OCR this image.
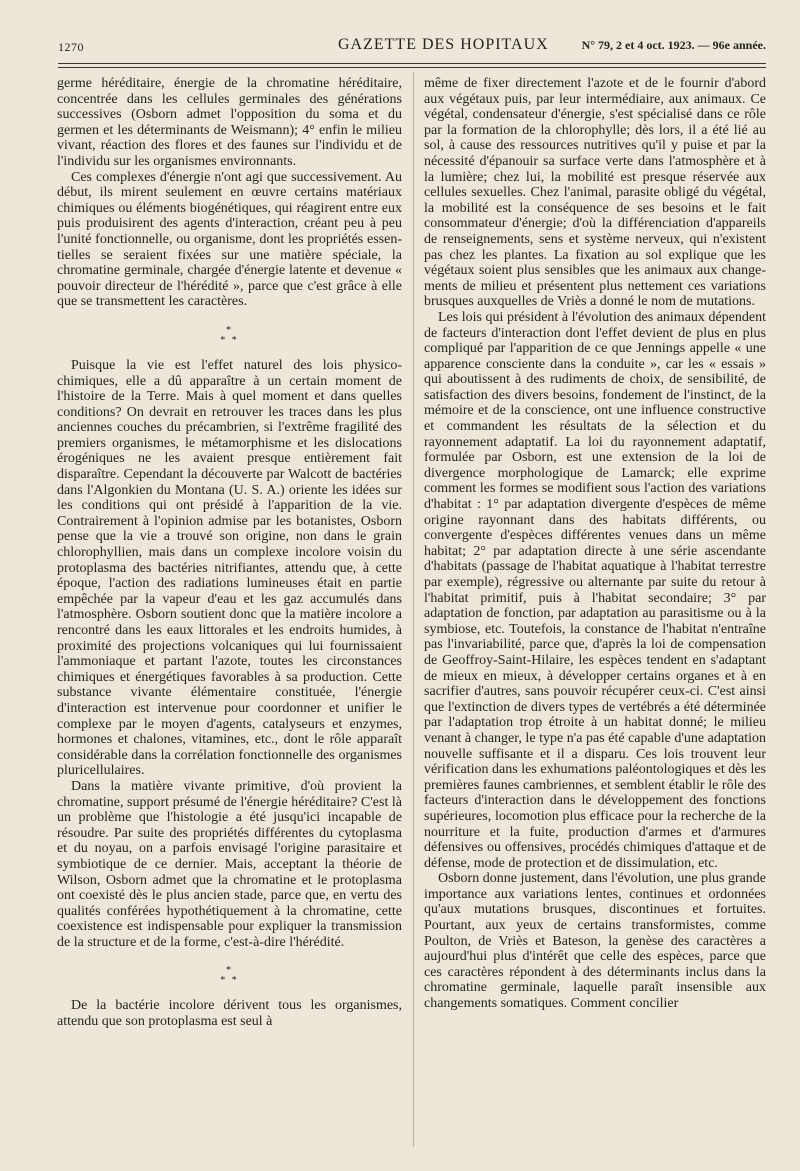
1270	GAZETTE DES HOPITAUX	N° 79, 2 et 4 oct. 1923. — 96e année.

germe héréditaire, énergie de la chromatine héréditaire, concentrée dans les cellules germinales des générations successives (Osborn admet l'opposition du soma et du germen et les déterminants de Weismann); 4° enfin le milieu vivant, réaction des flores et des faunes sur l'individu et de l'individu sur les organismes environnants.

Ces complexes d'énergie n'ont agi que successivement. Au début, ils mirent seulement en œuvre certains matériaux chimiques ou éléments biogénétiques, qui réagirent entre eux puis produisirent des agents d'interaction, créant peu à peu l'unité fonctionnelle, ou organisme, dont les propriétés essentielles se seraient fixées sur une matière spéciale, la chromatine germinale, chargée d'énergie latente et devenue « pouvoir directeur de l'hérédité », parce que c'est grâce à elle que se transmettent les caractères.

*
* *

Puisque la vie est l'effet naturel des lois physico-chimiques, elle a dû apparaître à un certain moment de l'histoire de la Terre. Mais à quel moment et dans quelles conditions? On devrait en retrouver les traces dans les plus anciennes couches du précambrien, si l'extrême fragilité des premiers organismes, le métamorphisme et les dislocations érogéniques ne les avaient presque entièrement fait disparaître. Cependant la découverte par Walcott de bactéries dans l'Algonkien du Montana (U. S. A.) oriente les idées sur les conditions qui ont présidé à l'apparition de la vie. Contrairement à l'opinion admise par les botanistes, Osborn pense que la vie a trouvé son origine, non dans le grain chlorophyllien, mais dans un complexe incolore voisin du protoplasma des bactéries nitrifiantes, attendu que, à cette époque, l'action des radiations lumineuses était en partie empêchée par la vapeur d'eau et les gaz accumulés dans l'atmosphère. Osborn soutient donc que la matière incolore a rencontré dans les eaux littorales et les endroits humides, à proximité des projections volcaniques qui lui fournissaient l'ammoniaque et partant l'azote, toutes les circonstances chimiques et énergétiques favorables à sa production. Cette substance vivante élémentaire constituée, l'énergie d'interaction est intervenue pour coordonner et unifier le complexe par le moyen d'agents, catalyseurs et enzymes, hormones et chalones, vitamines, etc., dont le rôle apparaît considérable dans la corrélation fonctionnelle des organismes pluricellulaires.

Dans la matière vivante primitive, d'où provient la chromatine, support présumé de l'énergie héréditaire? C'est là un problème que l'histologie a été jusqu'ici incapable de résoudre. Par suite des propriétés différentes du cytoplasma et du noyau, on a parfois envisagé l'origine parasitaire et symbiotique de ce dernier. Mais, acceptant la théorie de Wilson, Osborn admet que la chromatine et le protoplasma ont coexisté dès le plus ancien stade, parce que, en vertu des qualités conférées hypothétiquement à la chromatine, cette coexistence est indispensable pour expliquer la transmission de la structure et de la forme, c'est-à-dire l'hérédité.

*
* *

De la bactérie incolore dérivent tous les organismes, attendu que son protoplasma est seul à

même de fixer directement l'azote et de le fournir d'abord aux végétaux puis, par leur intermédiaire, aux animaux. Ce végétal, condensateur d'énergie, s'est spécialisé dans ce rôle par la formation de la chlorophylle; dès lors, il a été lié au sol, à cause des ressources nutritives qu'il y puise et par la nécessité d'épanouir sa surface verte dans l'atmosphère et à la lumière; chez lui, la mobilité est presque réservée aux cellules sexuelles. Chez l'animal, parasite obligé du végétal, la mobilité est la conséquence de ses besoins et le fait consommateur d'énergie; d'où la différenciation d'appareils de renseignements, sens et système nerveux, qui n'existent pas chez les plantes. La fixation au sol explique que les végétaux soient plus sensibles que les animaux aux changements de milieu et présentent plus nettement ces variations brusques auxquelles de Vriès a donné le nom de mutations.

Les lois qui président à l'évolution des animaux dépendent de facteurs d'interaction dont l'effet devient de plus en plus compliqué par l'apparition de ce que Jennings appelle « une apparence consciente dans la conduite », car les « essais » qui aboutissent à des rudiments de choix, de sensibilité, de satisfaction des divers besoins, fondement de l'instinct, de la mémoire et de la conscience, ont une influence constructive et commandent les résultats de la sélection et du rayonnement adaptatif. La loi du rayonnement adaptatif, formulée par Osborn, est une extension de la loi de divergence morphologique de Lamarck; elle exprime comment les formes se modifient sous l'action des variations d'habitat : 1° par adaptation divergente d'espèces de même origine rayonnant dans des habitats différents, ou convergente d'espèces différentes venues dans un même habitat; 2° par adaptation directe à une série ascendante d'habitats (passage de l'habitat aquatique à l'habitat terrestre par exemple), régressive ou alternante par suite du retour à l'habitat primitif, puis à l'habitat secondaire; 3° par adaptation de fonction, par adaptation au parasitisme ou à la symbiose, etc. Toutefois, la constance de l'habitat n'entraîne pas l'invariabilité, parce que, d'après la loi de compensation de Geoffroy-Saint-Hilaire, les espèces tendent en s'adaptant de mieux en mieux, à développer certains organes et à en sacrifier d'autres, sans pouvoir récupérer ceux-ci. C'est ainsi que l'extinction de divers types de vertébrés a été déterminée par l'adaptation trop étroite à un habitat donné; le milieu venant à changer, le type n'a pas été capable d'une adaptation nouvelle suffisante et il a disparu. Ces lois trouvent leur vérification dans les exhumations paléontologiques et dès les premières faunes cambriennes, et semblent établir le rôle des facteurs d'interaction dans le développement des fonctions supérieures, locomotion plus efficace pour la recherche de la nourriture et la fuite, production d'armes et d'armures défensives ou offensives, procédés chimiques d'attaque et de défense, mode de protection et de dissimulation, etc.

Osborn donne justement, dans l'évolution, une plus grande importance aux variations lentes, continues et ordonnées qu'aux mutations brusques, discontinues et fortuites. Pourtant, aux yeux de certains transformistes, comme Poulton, de Vriès et Bateson, la genèse des caractères a aujourd'hui plus d'intérêt que celle des espèces, parce que ces caractères répondent à des déterminants inclus dans la chromatine germinale, laquelle paraît insensible aux changements somatiques. Comment concilier
